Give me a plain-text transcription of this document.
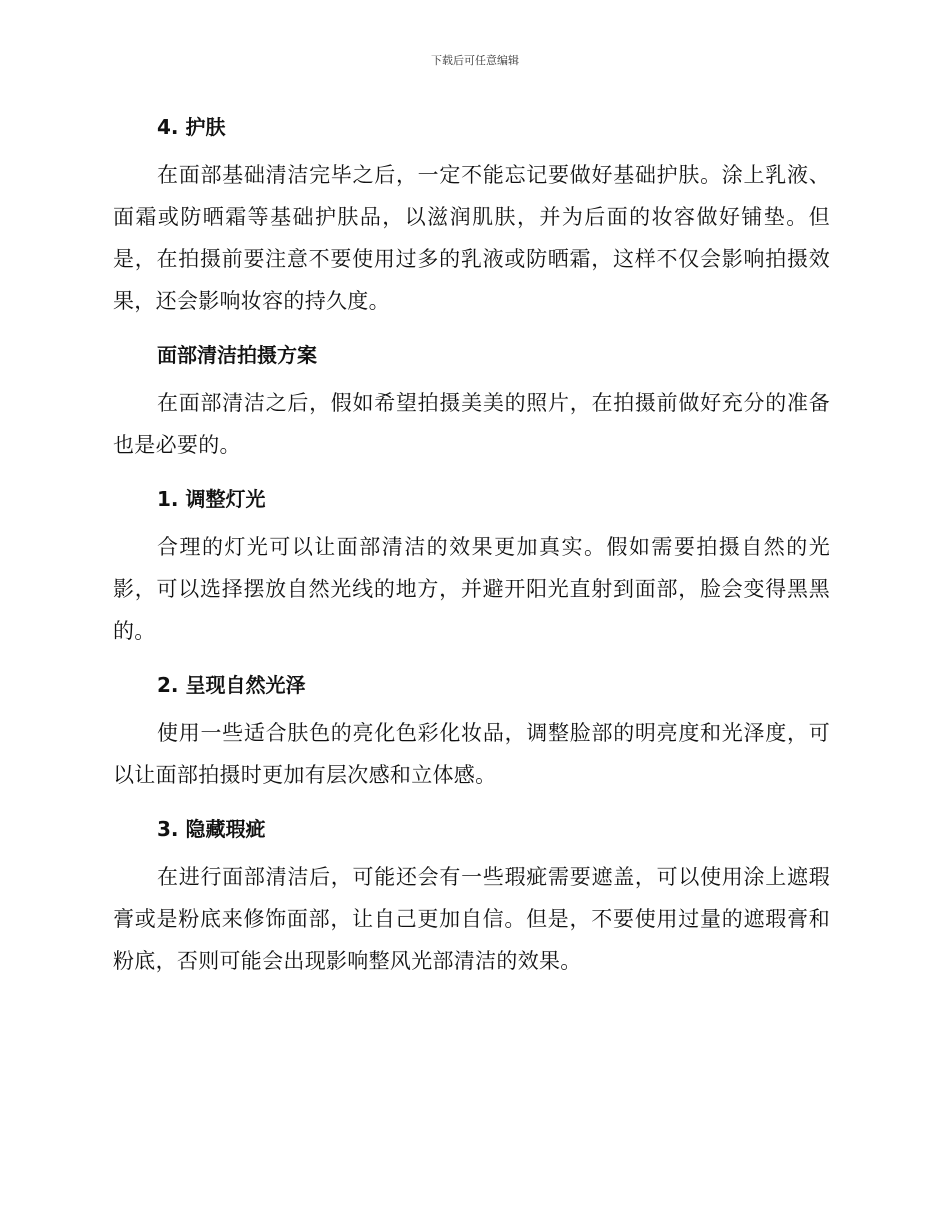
下载后可任意编辑
4. 护肤

在面部基础清洁完毕之后，一定不能忘记要做好基础护肤。涂上乳液、面霜或防晒霜等基础护肤品，以滋润肌肤，并为后面的妆容做好铺垫。但是，在拍摄前要注意不要使用过多的乳液或防晒霜，这样不仅会影响拍摄效果，还会影响妆容的持久度。

面部清洁拍摄方案

在面部清洁之后，假如希望拍摄美美的照片，在拍摄前做好充分的准备也是必要的。

1. 调整灯光

合理的灯光可以让面部清洁的效果更加真实。假如需要拍摄自然的光影，可以选择摆放自然光线的地方，并避开阳光直射到面部，脸会变得黑黑的。

2. 呈现自然光泽

使用一些适合肤色的亮化色彩化妆品，调整脸部的明亮度和光泽度，可以让面部拍摄时更加有层次感和立体感。

3. 隐藏瑕疵

在进行面部清洁后，可能还会有一些瑕疵需要遮盖，可以使用涂上遮瑕膏或是粉底来修饰面部，让自己更加自信。但是，不要使用过量的遮瑕膏和粉底，否则可能会出现影响整风光部清洁的效果。
